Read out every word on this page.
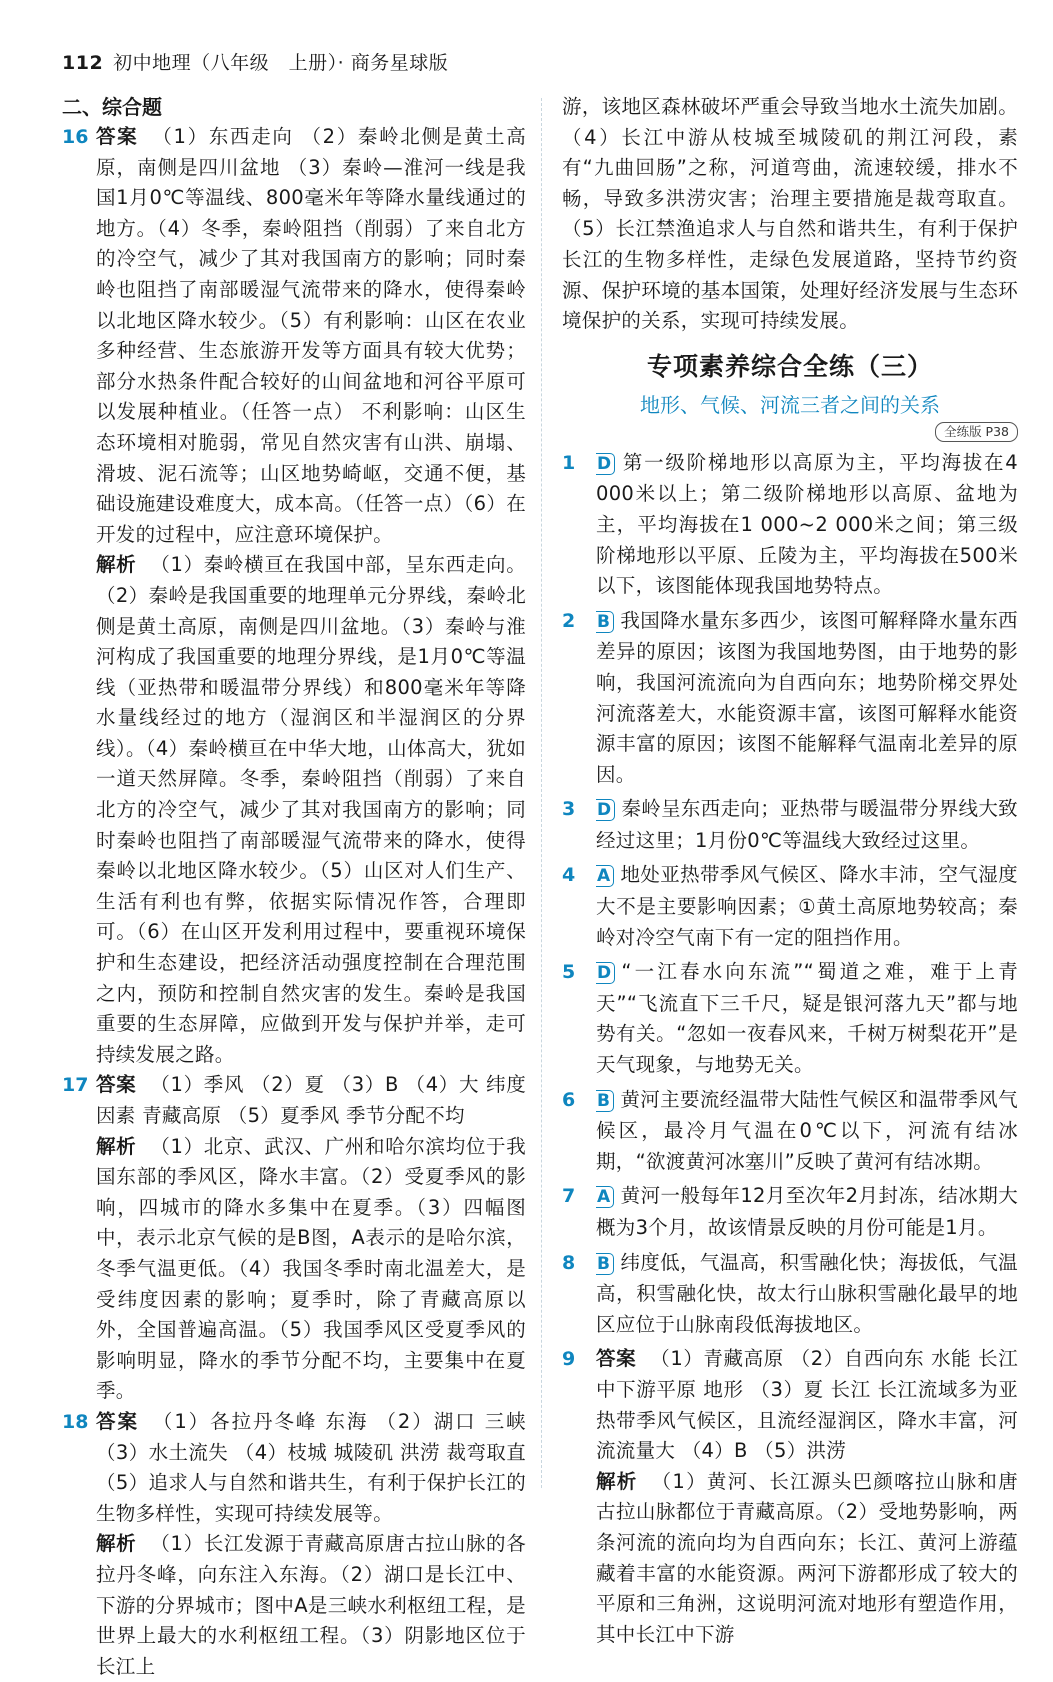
112 初中地理（八年级　上册）· 商务星球版

二、综合题

16 答案 （1）东西走向 （2）秦岭北侧是黄土高原，南侧是四川盆地 （3）秦岭—淮河一线是我国1月0℃等温线、800毫米年等降水量线通过的地方。（4）冬季，秦岭阻挡（削弱）了来自北方的冷空气，减少了其对我国南方的影响；同时秦岭也阻挡了南部暖湿气流带来的降水，使得秦岭以北地区降水较少。（5）有利影响：山区在农业多种经营、生态旅游开发等方面具有较大优势；部分水热条件配合较好的山间盆地和河谷平原可以发展种植业。（任答一点） 不利影响：山区生态环境相对脆弱，常见自然灾害有山洪、崩塌、滑坡、泥石流等；山区地势崎岖，交通不便，基础设施建设难度大，成本高。（任答一点）（6）在开发的过程中，应注意环境保护。

解析 （1）秦岭横亘在我国中部，呈东西走向。（2）秦岭是我国重要的地理单元分界线，秦岭北侧是黄土高原，南侧是四川盆地。（3）秦岭与淮河构成了我国重要的地理分界线，是1月0℃等温线（亚热带和暖温带分界线）和800毫米年等降水量线经过的地方（湿润区和半湿润区的分界线）。（4）秦岭横亘在中华大地，山体高大，犹如一道天然屏障。冬季，秦岭阻挡（削弱）了来自北方的冷空气，减少了其对我国南方的影响；同时秦岭也阻挡了南部暖湿气流带来的降水，使得秦岭以北地区降水较少。（5）山区对人们生产、生活有利也有弊，依据实际情况作答，合理即可。（6）在山区开发利用过程中，要重视环境保护和生态建设，把经济活动强度控制在合理范围之内，预防和控制自然灾害的发生。秦岭是我国重要的生态屏障，应做到开发与保护并举，走可持续发展之路。

17 答案 （1）季风 （2）夏 （3）B （4）大 纬度因素 青藏高原 （5）夏季风 季节分配不均

解析 （1）北京、武汉、广州和哈尔滨均位于我国东部的季风区，降水丰富。（2）受夏季风的影响，四城市的降水多集中在夏季。（3）四幅图中，表示北京气候的是B图，A表示的是哈尔滨，冬季气温更低。（4）我国冬季时南北温差大，是受纬度因素的影响；夏季时，除了青藏高原以外，全国普遍高温。（5）我国季风区受夏季风的影响明显，降水的季节分配不均，主要集中在夏季。

18 答案 （1）各拉丹冬峰 东海 （2）湖口 三峡 （3）水土流失 （4）枝城 城陵矶 洪涝 裁弯取直 （5）追求人与自然和谐共生，有利于保护长江的生物多样性，实现可持续发展等。

解析 （1）长江发源于青藏高原唐古拉山脉的各拉丹冬峰，向东注入东海。（2）湖口是长江中、下游的分界城市；图中A是三峡水利枢纽工程，是世界上最大的水利枢纽工程。（3）阴影地区位于长江上

游，该地区森林破坏严重会导致当地水土流失加剧。（4）长江中游从枝城至城陵矶的荆江河段，素有“九曲回肠”之称，河道弯曲，流速较缓，排水不畅，导致多洪涝灾害；治理主要措施是裁弯取直。（5）长江禁渔追求人与自然和谐共生，有利于保护长江的生物多样性，走绿色发展道路，坚持节约资源、保护环境的基本国策，处理好经济发展与生态环境保护的关系，实现可持续发展。

专项素养综合全练（三）
地形、气候、河流三者之间的关系
全练版 P38
1 D 第一级阶梯地形以高原为主，平均海拔在4 000米以上；第二级阶梯地形以高原、盆地为主，平均海拔在1 000~2 000米之间；第三级阶梯地形以平原、丘陵为主，平均海拔在500米以下，该图能体现我国地势特点。

2 B 我国降水量东多西少，该图可解释降水量东西差异的原因；该图为我国地势图，由于地势的影响，我国河流流向为自西向东；地势阶梯交界处河流落差大，水能资源丰富，该图可解释水能资源丰富的原因；该图不能解释气温南北差异的原因。

3 D 秦岭呈东西走向；亚热带与暖温带分界线大致经过这里；1月份0℃等温线大致经过这里。

4 A 地处亚热带季风气候区、降水丰沛，空气湿度大不是主要影响因素；①黄土高原地势较高；秦岭对冷空气南下有一定的阻挡作用。

5 D “一江春水向东流”“蜀道之难，难于上青天”“飞流直下三千尺，疑是银河落九天”都与地势有关。“忽如一夜春风来，千树万树梨花开”是天气现象，与地势无关。

6 B 黄河主要流经温带大陆性气候区和温带季风气候区，最冷月气温在0℃以下，河流有结冰期，“欲渡黄河冰塞川”反映了黄河有结冰期。

7 A 黄河一般每年12月至次年2月封冻，结冰期大概为3个月，故该情景反映的月份可能是1月。

8 B 纬度低，气温高，积雪融化快；海拔低，气温高，积雪融化快，故太行山脉积雪融化最早的地区应位于山脉南段低海拔地区。

9 答案 （1）青藏高原 （2）自西向东 水能 长江中下游平原 地形 （3）夏 长江 长江流域多为亚热带季风气候区，且流经湿润区，降水丰富，河流流量大 （4）B （5）洪涝

解析 （1）黄河、长江源头巴颜喀拉山脉和唐古拉山脉都位于青藏高原。（2）受地势影响，两条河流的流向均为自西向东；长江、黄河上游蕴藏着丰富的水能资源。两河下游都形成了较大的平原和三角洲，这说明河流对地形有塑造作用，其中长江中下游
